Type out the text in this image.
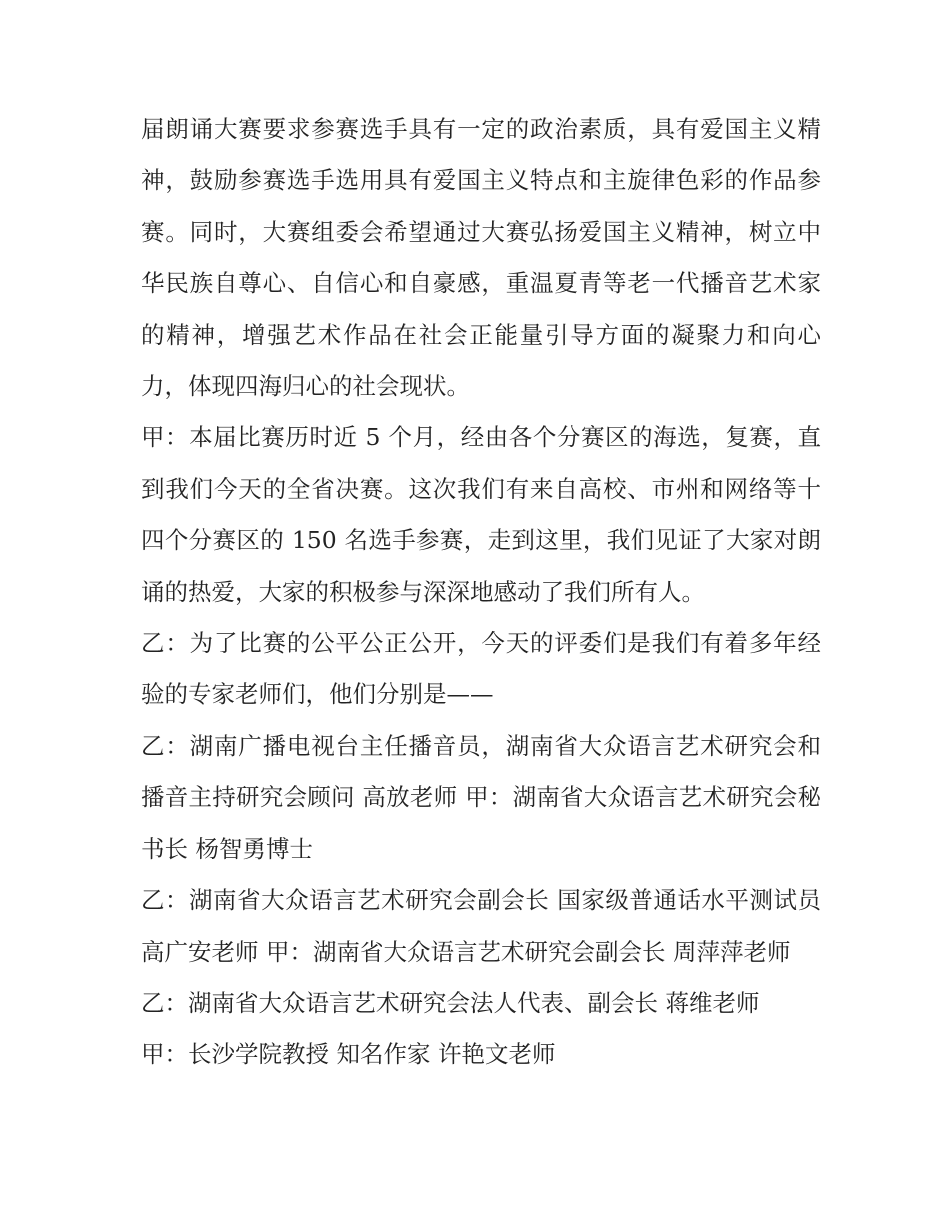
届朗诵大赛要求参赛选手具有一定的政治素质，具有爱国主义精神，鼓励参赛选手选用具有爱国主义特点和主旋律色彩的作品参赛。同时，大赛组委会希望通过大赛弘扬爱国主义精神，树立中华民族自尊心、自信心和自豪感，重温夏青等老一代播音艺术家的精神，增强艺术作品在社会正能量引导方面的凝聚力和向心力，体现四海归心的社会现状。

甲：本届比赛历时近 5 个月，经由各个分赛区的海选，复赛，直到我们今天的全省决赛。这次我们有来自高校、市州和网络等十四个分赛区的 150 名选手参赛，走到这里，我们见证了大家对朗诵的热爱，大家的积极参与深深地感动了我们所有人。

乙：为了比赛的公平公正公开，今天的评委们是我们有着多年经验的专家老师们，他们分别是——

乙：湖南广播电视台主任播音员，湖南省大众语言艺术研究会和播音主持研究会顾问 高放老师 甲：湖南省大众语言艺术研究会秘书长 杨智勇博士

乙：湖南省大众语言艺术研究会副会长 国家级普通话水平测试员 高广安老师 甲：湖南省大众语言艺术研究会副会长 周萍萍老师

乙：湖南省大众语言艺术研究会法人代表、副会长 蒋维老师

甲：长沙学院教授 知名作家 许艳文老师
